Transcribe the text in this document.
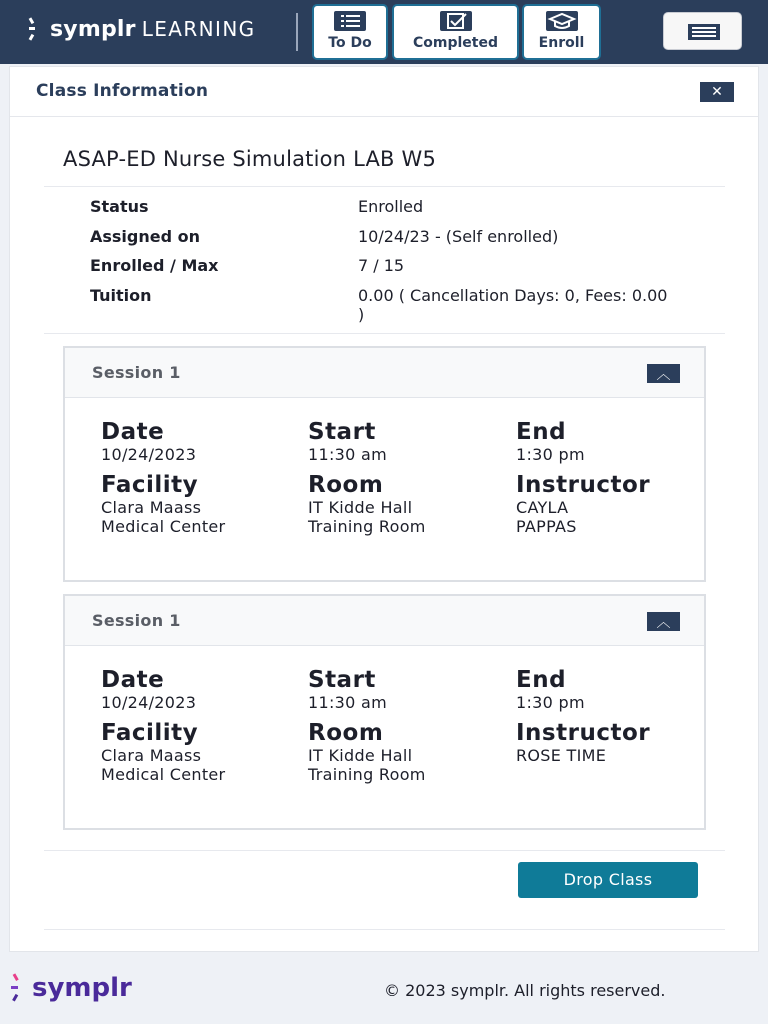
symplr LEARNING
To Do	Completed	Enroll
Class Information	✕
ASAP-ED Nurse Simulation LAB W5
Status	Enrolled
Assigned on	10/24/23 - (Self enrolled)
Enrolled / Max	7 / 15
Tuition	0.00 ( Cancellation Days: 0, Fees: 0.00 )
Session 1	︿
Date
10/24/2023
Start
11:30 am
End
1:30 pm
Facility
Clara Maass Medical Center
Room
IT Kidde Hall Training Room
Instructor
CAYLA PAPPAS
Session 1	︿
Date
10/24/2023
Start
11:30 am
End
1:30 pm
Facility
Clara Maass Medical Center
Room
IT Kidde Hall Training Room
Instructor
ROSE TIME
Drop Class
symplr	© 2023 symplr. All rights reserved.
